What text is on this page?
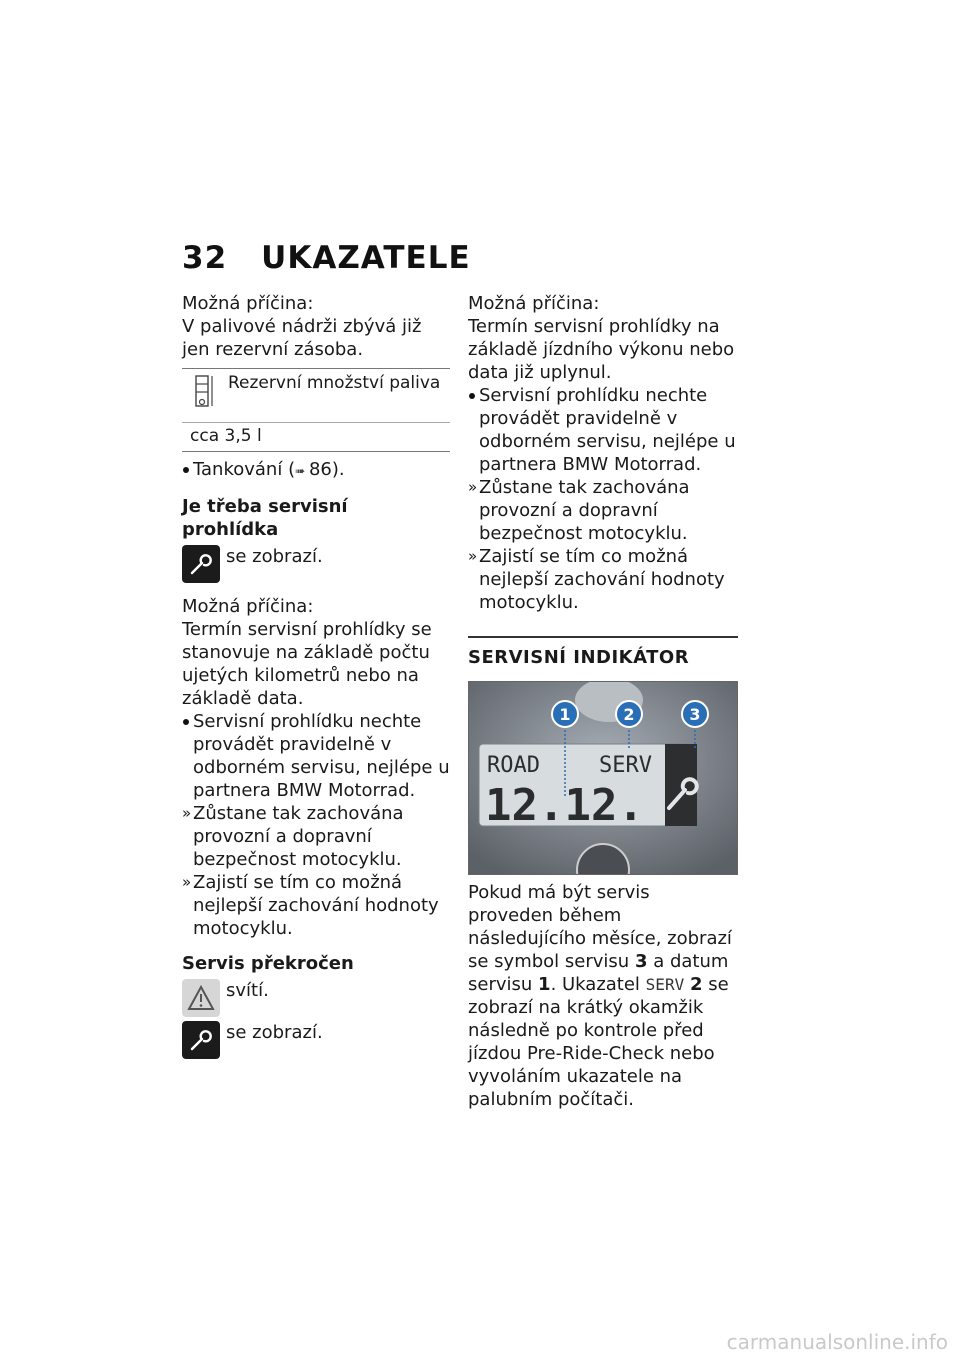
32 UKAZATELE

Možná příčina:

V palivové nádrži zbývá již jen rezervní zásoba.

Rezervní množství paliva
cca 3,5 l

Tankování (➠ 86).

Je třeba servisní prohlídka

se zobrazí.

Možná příčina:

Termín servisní prohlídky se stanovuje na základě počtu ujetých kilometrů nebo na základě data.

Servisní prohlídku nechte provádět pravidelně v odborném servisu, nejlépe u partnera BMW Motorrad.

» Zůstane tak zachována provozní a dopravní bezpečnost motocyklu.

» Zajistí se tím co možná nejlepší zachování hodnoty motocyklu.

Servis překročen

svítí.
se zobrazí.

Možná příčina:

Termín servisní prohlídky na základě jízdního výkonu nebo data již uplynul.

Servisní prohlídku nechte provádět pravidelně v odborném servisu, nejlépe u partnera BMW Motorrad.

» Zůstane tak zachována provozní a dopravní bezpečnost motocyklu.

» Zajistí se tím co možná nejlepší zachování hodnoty motocyklu.

SERVISNÍ INDIKÁTOR

ROAD	SERV
12.12.
1	2	3

Pokud má být servis proveden během následujícího měsíce, zobrazí se symbol servisu 3 a datum servisu 1. Ukazatel SERV 2 se zobrazí na krátký okamžik následně po kontrole před jízdou Pre-Ride-Check nebo vyvoláním ukazatele na palubním počítači.

carmanualsonline.info
